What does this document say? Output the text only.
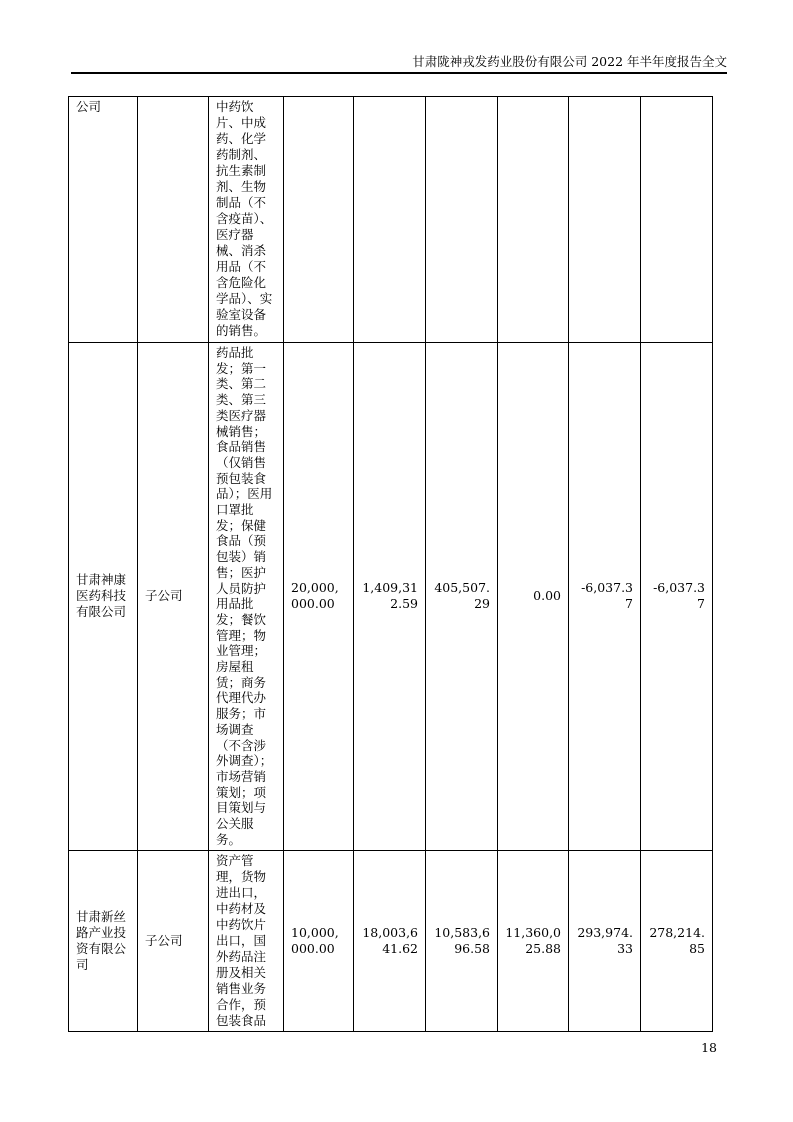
甘肃陇神戎发药业股份有限公司 2022 年半年度报告全文
公司		中药饮片、中成药、化学药制剂、抗生素制剂、生物制品（不含疫苗）、医疗器械、消杀用品（不含危险化学品）、实验室设备的销售。						
甘肃神康医药科技有限公司	子公司	药品批发；第一类、第二类、第三类医疗器械销售；食品销售（仅销售预包装食品）；医用口罩批发；保健食品（预包装）销售；医护人员防护用品批发；餐饮管理；物业管理；房屋租赁；商务代理代办服务；市场调查（不含涉外调查）；市场营销策划；项目策划与公关服务。	20,000,000.00	1,409,312.59	405,507.29	0.00	-6,037.37	-6,037.37
甘肃新丝路产业投资有限公司	子公司	资产管理，货物进出口，中药材及中药饮片出口，国外药品注册及相关销售业务合作，预包装食品	10,000,000.00	18,003,641.62	10,583,696.58	11,360,025.88	293,974.33	278,214.85
18
